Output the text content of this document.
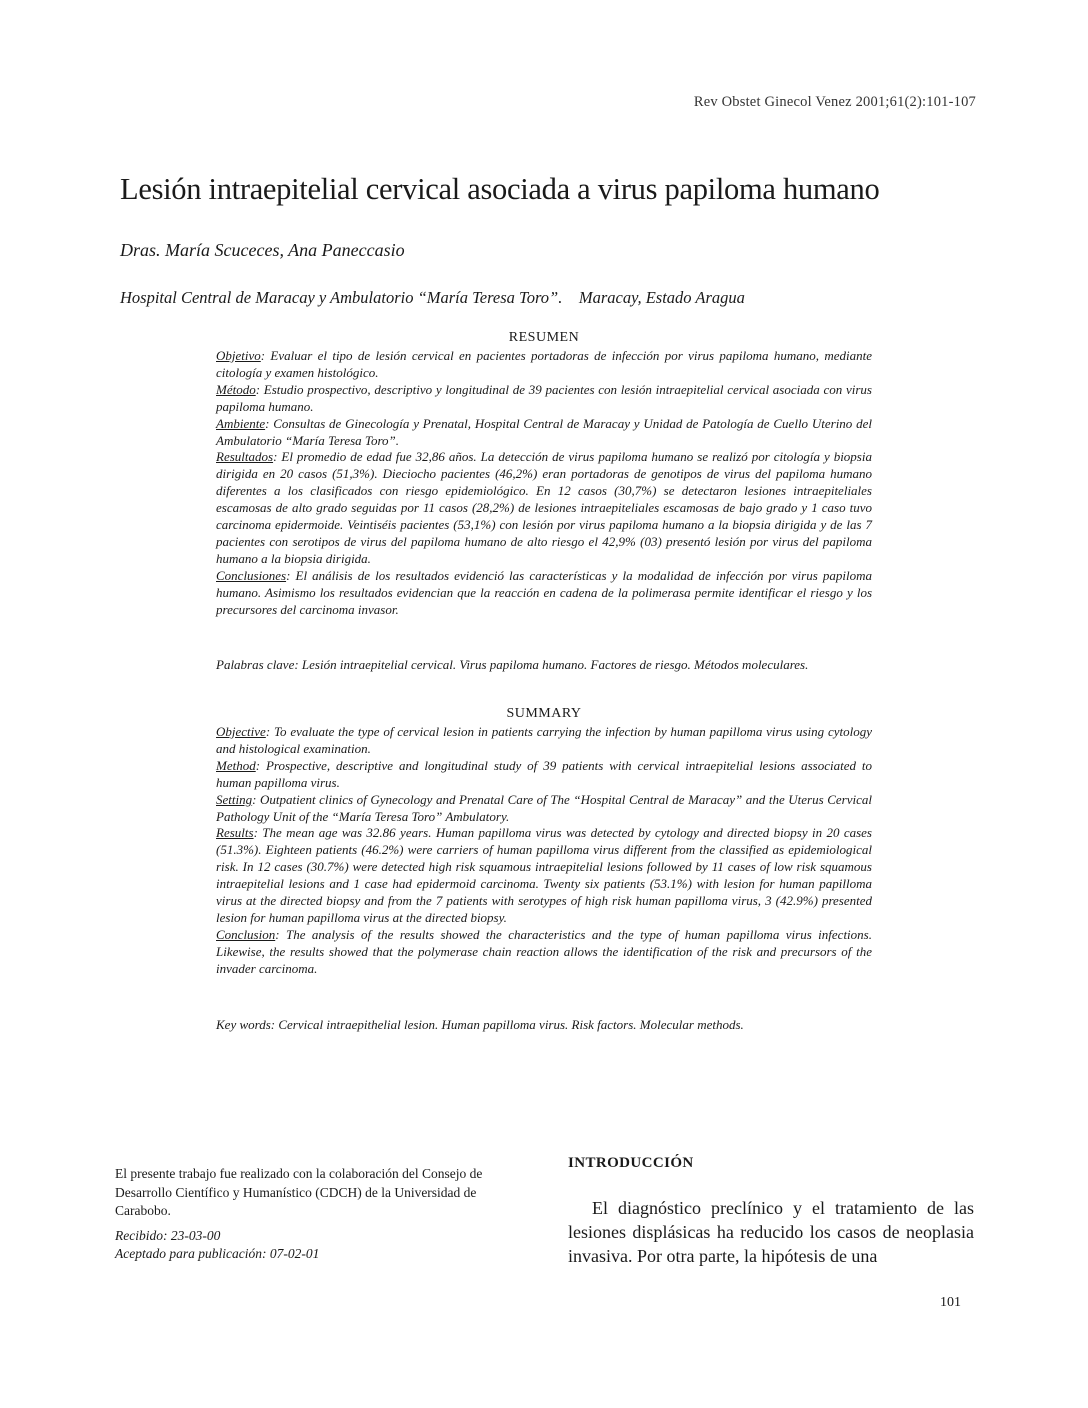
Rev Obstet Ginecol Venez 2001;61(2):101-107
Lesión intraepitelial cervical asociada a virus papiloma humano
Dras. María Scuceces, Ana Paneccasio
Hospital Central de Maracay y Ambulatorio “María Teresa Toro”.    Maracay, Estado Aragua
RESUMEN

Objetivo: Evaluar el tipo de lesión cervical en pacientes portadoras de infección por virus papiloma humano, mediante citología y examen histológico.

Método: Estudio prospectivo, descriptivo y longitudinal de 39 pacientes con lesión intraepitelial cervical asociada con virus papiloma humano.

Ambiente: Consultas de Ginecología y Prenatal, Hospital Central de Maracay y Unidad de Patología de Cuello Uterino del Ambulatorio “María Teresa Toro”.

Resultados: El promedio de edad fue 32,86 años. La detección de virus papiloma humano se realizó por citología y biopsia dirigida en 20 casos (51,3%). Dieciocho pacientes (46,2%) eran portadoras de genotipos de virus del papiloma humano diferentes a los clasificados con riesgo epidemiológico. En 12 casos (30,7%) se detectaron lesiones intraepiteliales escamosas de alto grado seguidas por 11 casos (28,2%) de lesiones intraepiteliales escamosas de bajo grado y 1 caso tuvo carcinoma epidermoide. Veintiséis pacientes (53,1%) con lesión por virus papiloma humano a la biopsia dirigida y de las 7 pacientes con serotipos de virus del papiloma humano de alto riesgo el 42,9% (03) presentó lesión por virus del papiloma humano a la biopsia dirigida.

Conclusiones: El análisis de los resultados evidenció las características y la modalidad de infección por virus papiloma humano. Asimismo los resultados evidencian que la reacción en cadena de la polimerasa permite identificar el riesgo y los precursores del carcinoma invasor.

Palabras clave: Lesión intraepitelial cervical. Virus papiloma humano. Factores de riesgo. Métodos moleculares.
SUMMARY

Objective: To evaluate the type of cervical lesion in patients carrying the infection by human papilloma virus using cytology and histological examination.

Method: Prospective, descriptive and longitudinal study of 39 patients with cervical intraepitelial lesions associated to human papilloma virus.

Setting: Outpatient clinics of Gynecology and Prenatal Care of The “Hospital Central de Maracay” and the Uterus Cervical Pathology Unit of the “María Teresa Toro” Ambulatory.

Results: The mean age was 32.86 years. Human papilloma virus was detected by cytology and directed biopsy in 20 cases (51.3%). Eighteen patients (46.2%) were carriers of human papilloma virus different from the classified as epidemiological risk. In 12 cases (30.7%) were detected high risk squamous intraepitelial lesions followed by 11 cases of low risk squamous intraepitelial lesions and 1 case had epidermoid carcinoma. Twenty six patients (53.1%) with lesion for human papilloma virus at the directed biopsy and from the 7 patients with serotypes of high risk human papilloma virus, 3 (42.9%) presented lesion for human papilloma virus at the directed biopsy.

Conclusion: The analysis of the results showed the characteristics and the type of human papilloma virus infections. Likewise, the results showed that the polymerase chain reaction allows the identification of the risk and precursors of the invader carcinoma.

Key words: Cervical intraepithelial lesion. Human papilloma virus. Risk factors. Molecular methods.

El presente trabajo fue realizado con la colaboración del Consejo de Desarrollo Científico y Humanístico (CDCH) de la Universidad de Carabobo.

Recibido: 23-03-00

Aceptado para publicación: 07-02-01

INTRODUCCIÓN
El diagnóstico preclínico y el tratamiento de las lesiones displásicas ha reducido los casos de neoplasia invasiva. Por otra parte, la hipótesis de una
101
